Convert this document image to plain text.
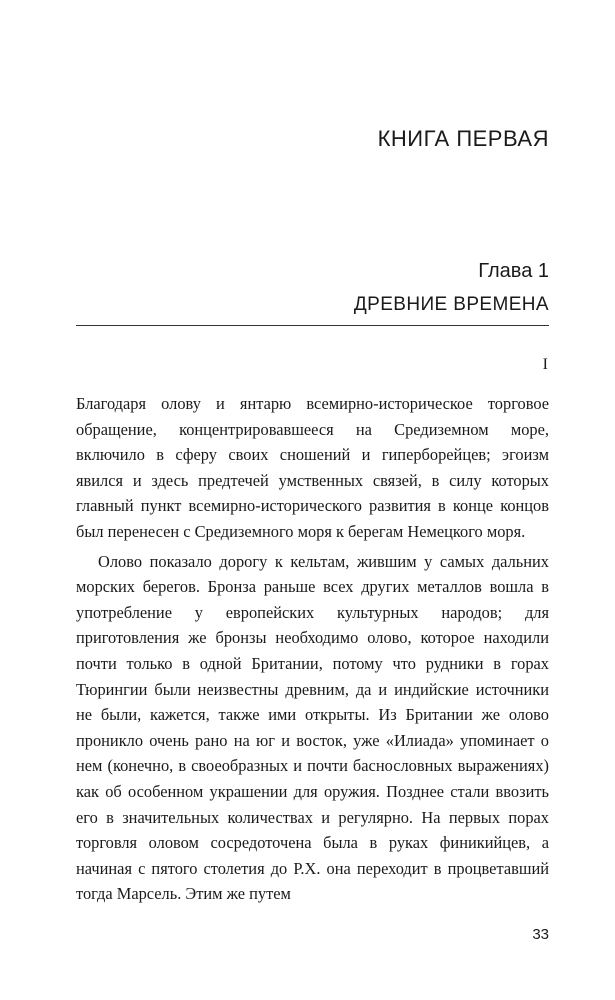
КНИГА ПЕРВАЯ
Глава 1
ДРЕВНИЕ ВРЕМЕНА
I

Благодаря олову и янтарю всемирно-историческое торговое обращение, концентрировавшееся на Средиземном море, включило в сферу своих сношений и гиперборейцев; эгоизм явился и здесь предтечей умственных связей, в силу которых главный пункт всемирно-исторического развития в конце концов был перенесен с Средиземного моря к берегам Немецкого моря.

Олово показало дорогу к кельтам, жившим у самых дальних морских берегов. Бронза раньше всех других металлов вошла в употребление у европейских культурных народов; для приготовления же бронзы необходимо олово, которое находили почти только в одной Британии, потому что рудники в горах Тюрингии были неизвестны древним, да и индийские источники не были, кажется, также ими открыты. Из Британии же олово проникло очень рано на юг и восток, уже «Илиада» упоминает о нем (конечно, в своеобразных и почти баснословных выражениях) как об особенном украшении для оружия. Позднее стали ввозить его в значительных количествах и регулярно. На первых порах торговля оловом сосредоточена была в руках финикийцев, а начиная с пятого столетия до Р.Х. она переходит в процветавший тогда Марсель. Этим же путем

33
